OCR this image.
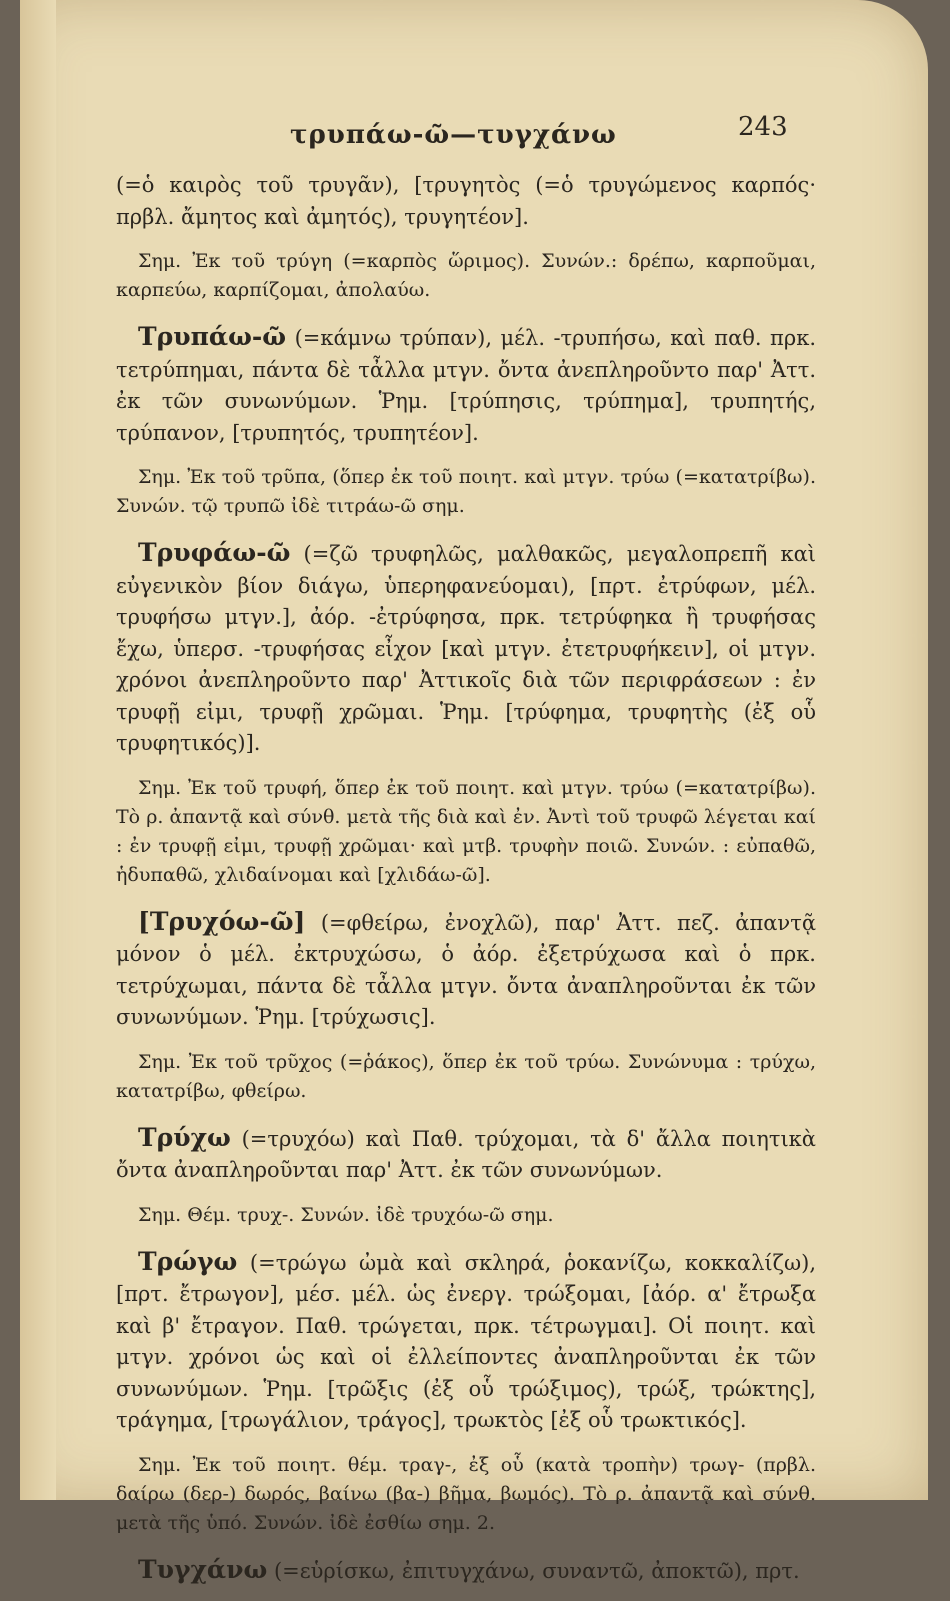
τρυπάω-ῶ—τυγχάνω	243

(=ὁ καιρὸς τοῦ τρυγᾶν), [τρυγητὸς (=ὁ τρυγώμενος καρπός· πρβλ. ἄμητος καὶ ἀμητός), τρυγητέον].

Σημ. Ἐκ τοῦ τρύγη (=καρπὸς ὥριμος). Συνών.: δρέπω, καρποῦμαι, καρπεύω, καρπίζομαι, ἀπολαύω.

Τρυπάω-ῶ (=κάμνω τρύπαν), μέλ. -τρυπήσω, καὶ παθ. πρκ. τετρύπημαι, πάντα δὲ τἆλλα μτγν. ὄντα ἀνεπληροῦντο παρ' Ἀττ. ἐκ τῶν συνωνύμων. Ῥημ. [τρύπησις, τρύπημα], τρυπητής, τρύπανον, [τρυπητός, τρυπητέον].

Σημ. Ἐκ τοῦ τρῦπα, (ὅπερ ἐκ τοῦ ποιητ. καὶ μτγν. τρύω (=κατατρίβω). Συνών. τῷ τρυπῶ ἰδὲ τιτράω-ῶ σημ.

Τρυφάω-ῶ (=ζῶ τρυφηλῶς, μαλθακῶς, μεγαλοπρεπῆ καὶ εὐγενικὸν βίον διάγω, ὑπερηφανεύομαι), [πρτ. ἐτρύφων, μέλ. τρυφήσω μτγν.], ἀόρ. -ἐτρύφησα, πρκ. τετρύφηκα ἢ τρυφήσας ἔχω, ὑπερσ. -τρυφήσας εἶχον [καὶ μτγν. ἐτετρυφήκειν], οἱ μτγν. χρόνοι ἀνεπληροῦντο παρ' Ἀττικοῖς διὰ τῶν περιφράσεων : ἐν τρυφῇ εἰμι, τρυφῇ χρῶμαι. Ῥημ. [τρύφημα, τρυφητὴς (ἐξ οὗ τρυφητικός)].

Σημ. Ἐκ τοῦ τρυφή, ὅπερ ἐκ τοῦ ποιητ. καὶ μτγν. τρύω (=κατατρίβω). Τὸ ρ. ἀπαντᾷ καὶ σύνθ. μετὰ τῆς διὰ καὶ ἐν. Ἀντὶ τοῦ τρυφῶ λέγεται καί : ἐν τρυφῇ εἰμι, τρυφῇ χρῶμαι· καὶ μτβ. τρυφὴν ποιῶ. Συνών. : εὐπαθῶ, ἡδυπαθῶ, χλιδαίνομαι καὶ [χλιδάω-ῶ].

[Τρυχόω-ῶ] (=φθείρω, ἐνοχλῶ), παρ' Ἀττ. πεζ. ἀπαντᾷ μόνον ὁ μέλ. ἐκτρυχώσω, ὁ ἀόρ. ἐξετρύχωσα καὶ ὁ πρκ. τετρύχωμαι, πάντα δὲ τἆλλα μτγν. ὄντα ἀναπληροῦνται ἐκ τῶν συνωνύμων. Ῥημ. [τρύχωσις].

Σημ. Ἐκ τοῦ τρῦχος (=ῥάκος), ὅπερ ἐκ τοῦ τρύω. Συνώνυμα : τρύχω, κατατρίβω, φθείρω.

Τρύχω (=τρυχόω) καὶ Παθ. τρύχομαι, τὰ δ' ἄλλα ποιητικὰ ὄντα ἀναπληροῦνται παρ' Ἀττ. ἐκ τῶν συνωνύμων.

Σημ. Θέμ. τρυχ-. Συνών. ἰδὲ τρυχόω-ῶ σημ.

Τρώγω (=τρώγω ὠμὰ καὶ σκληρά, ῥοκανίζω, κοκκαλίζω), [πρτ. ἔτρωγον], μέσ. μέλ. ὡς ἐνεργ. τρώξομαι, [ἀόρ. α' ἔτρωξα καὶ β' ἔτραγον. Παθ. τρώγεται, πρκ. τέτρωγμαι]. Οἱ ποιητ. καὶ μτγν. χρόνοι ὡς καὶ οἱ ἐλλείποντες ἀναπληροῦνται ἐκ τῶν συνωνύμων. Ῥημ. [τρῶξις (ἐξ οὗ τρώξιμος), τρώξ, τρώκτης], τράγημα, [τρωγάλιον, τράγος], τρωκτὸς [ἐξ οὗ τρωκτικός].

Σημ. Ἐκ τοῦ ποιητ. θέμ. τραγ-, ἐξ οὗ (κατὰ τροπὴν) τρωγ- (πρβλ. δαίρω (δερ-) δωρός, βαίνω (βα-) βῆμα, βωμός). Τὸ ρ. ἀπαντᾷ καὶ σύνθ. μετὰ τῆς ὑπό. Συνών. ἰδὲ ἐσθίω σημ. 2.

Τυγχάνω (=εὑρίσκω, ἐπιτυγχάνω, συναντῶ, ἀποκτῶ), πρτ.
